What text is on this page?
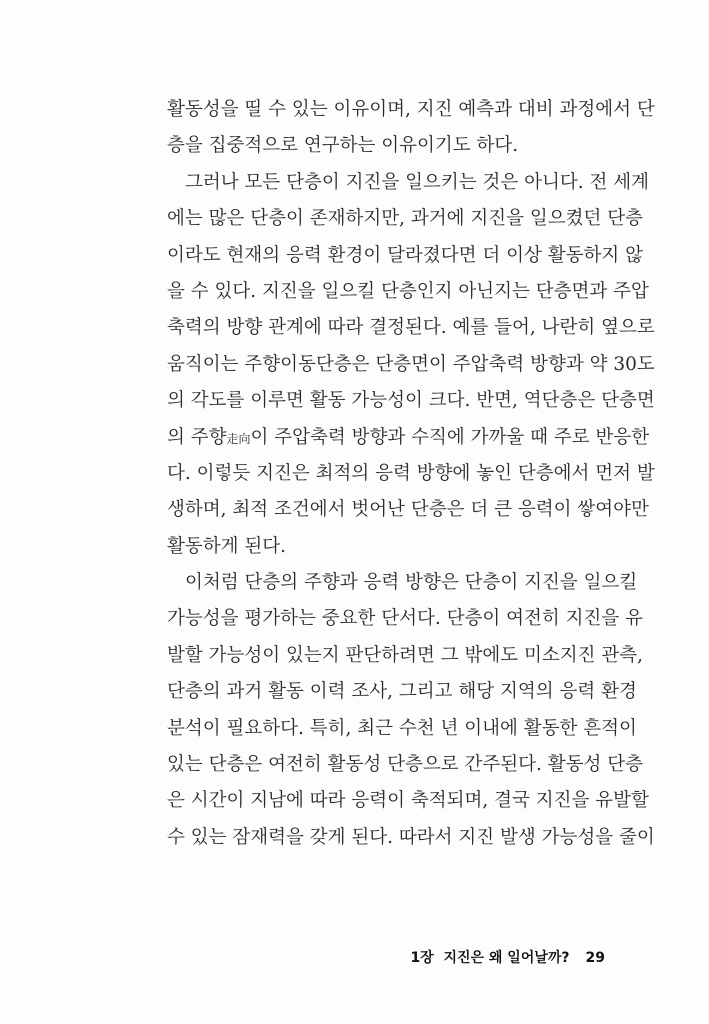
활동성을 띨 수 있는 이유이며, 지진 예측과 대비 과정에서 단
층을 집중적으로 연구하는 이유이기도 하다.
그러나 모든 단층이 지진을 일으키는 것은 아니다. 전 세계
에는 많은 단층이 존재하지만, 과거에 지진을 일으켰던 단층
이라도 현재의 응력 환경이 달라졌다면 더 이상 활동하지 않
을 수 있다. 지진을 일으킬 단층인지 아닌지는 단층면과 주압
축력의 방향 관계에 따라 결정된다. 예를 들어, 나란히 옆으로
움직이는 주향이동단층은 단층면이 주압축력 방향과 약 30도
의 각도를 이루면 활동 가능성이 크다. 반면, 역단층은 단층면
의 주향走向이 주압축력 방향과 수직에 가까울 때 주로 반응한
다. 이렇듯 지진은 최적의 응력 방향에 놓인 단층에서 먼저 발
생하며, 최적 조건에서 벗어난 단층은 더 큰 응력이 쌓여야만
활동하게 된다.
이처럼 단층의 주향과 응력 방향은 단층이 지진을 일으킬
가능성을 평가하는 중요한 단서다. 단층이 여전히 지진을 유
발할 가능성이 있는지 판단하려면 그 밖에도 미소지진 관측,
단층의 과거 활동 이력 조사, 그리고 해당 지역의 응력 환경
분석이 필요하다. 특히, 최근 수천 년 이내에 활동한 흔적이
있는 단층은 여전히 활동성 단층으로 간주된다. 활동성 단층
은 시간이 지남에 따라 응력이 축적되며, 결국 지진을 유발할
수 있는 잠재력을 갖게 된다. 따라서 지진 발생 가능성을 줄이
1장  지진은 왜 일어날까? 29
